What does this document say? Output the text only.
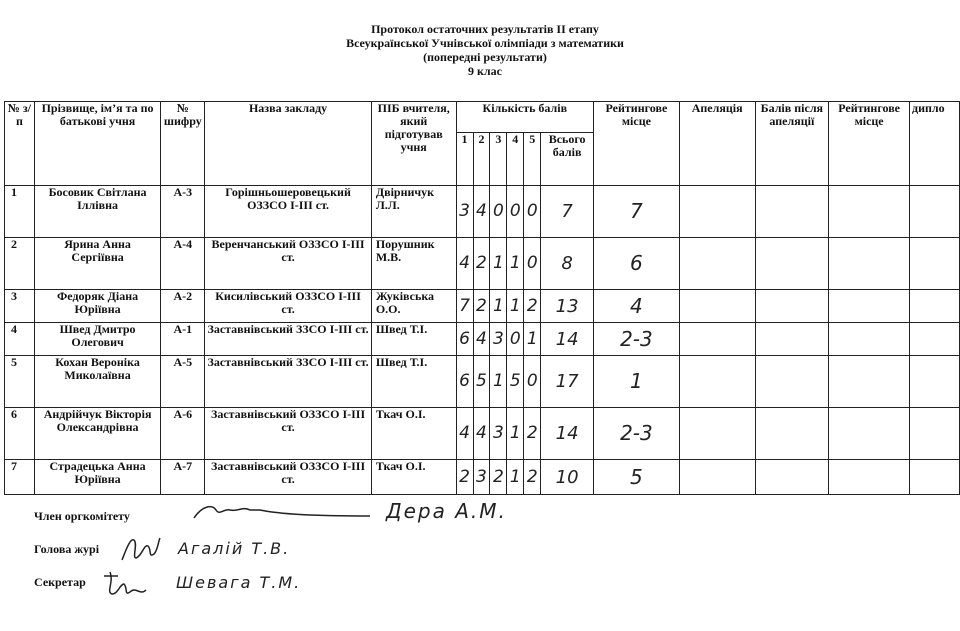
Протокол остаточних результатів ІІ етапу
Всеукраїнської Учнівської олімпіади з математики
(попередні результати)
9 клас
№ з/п	Прізвище, ім’я та по батькові учня	№ шифру	Назва закладу	ПІБ вчителя, який підготував учня	Кількість балів						Рейтингове місце	Апеляція	Балів після апеляції	Рейтингове місце	дипло
					1	2	3	4	5	Всього балів					
1	Босовик Світлана Іллівна	А-3	Горішньошеровецький ОЗЗСО І-ІІІ ст.	Двірничук Л.Л.	3	4	0	0	0	7	7				
2	Ярина Анна Сергіївна	А-4	Веренчанський ОЗЗСО І-ІІІ ст.	Порушник М.В.	4	2	1	1	0	8	6				
3	Федоряк Діана Юріївна	А-2	Кисилівський ОЗЗСО І-ІІІ ст.	Жуківська О.О.	7	2	1	1	2	13	4				
4	Швед Дмитро Олегович	А-1	Заставнівський ЗЗСО І-ІІІ ст.	Швед Т.І.	6	4	3	0	1	14	2-3				
5	Кохан Вероніка Миколаївна	А-5	Заставнівський ЗЗСО І-ІІІ ст.	Швед Т.І.	6	5	1	5	0	17	1				
6	Андрійчук Вікторія Олександрівна	А-6	Заставнівський ОЗЗСО І-ІІІ ст.	Ткач О.І.	4	4	3	1	2	14	2-3				
7	Страдецька Анна Юріївна	А-7	Заставнівський ОЗЗСО І-ІІІ ст.	Ткач О.І.	2	3	2	1	2	10	5				
Член оргкомітету	Дера А.М.
Голова журі	Агалій Т.В.
Секретар	Шевага Т.М.
